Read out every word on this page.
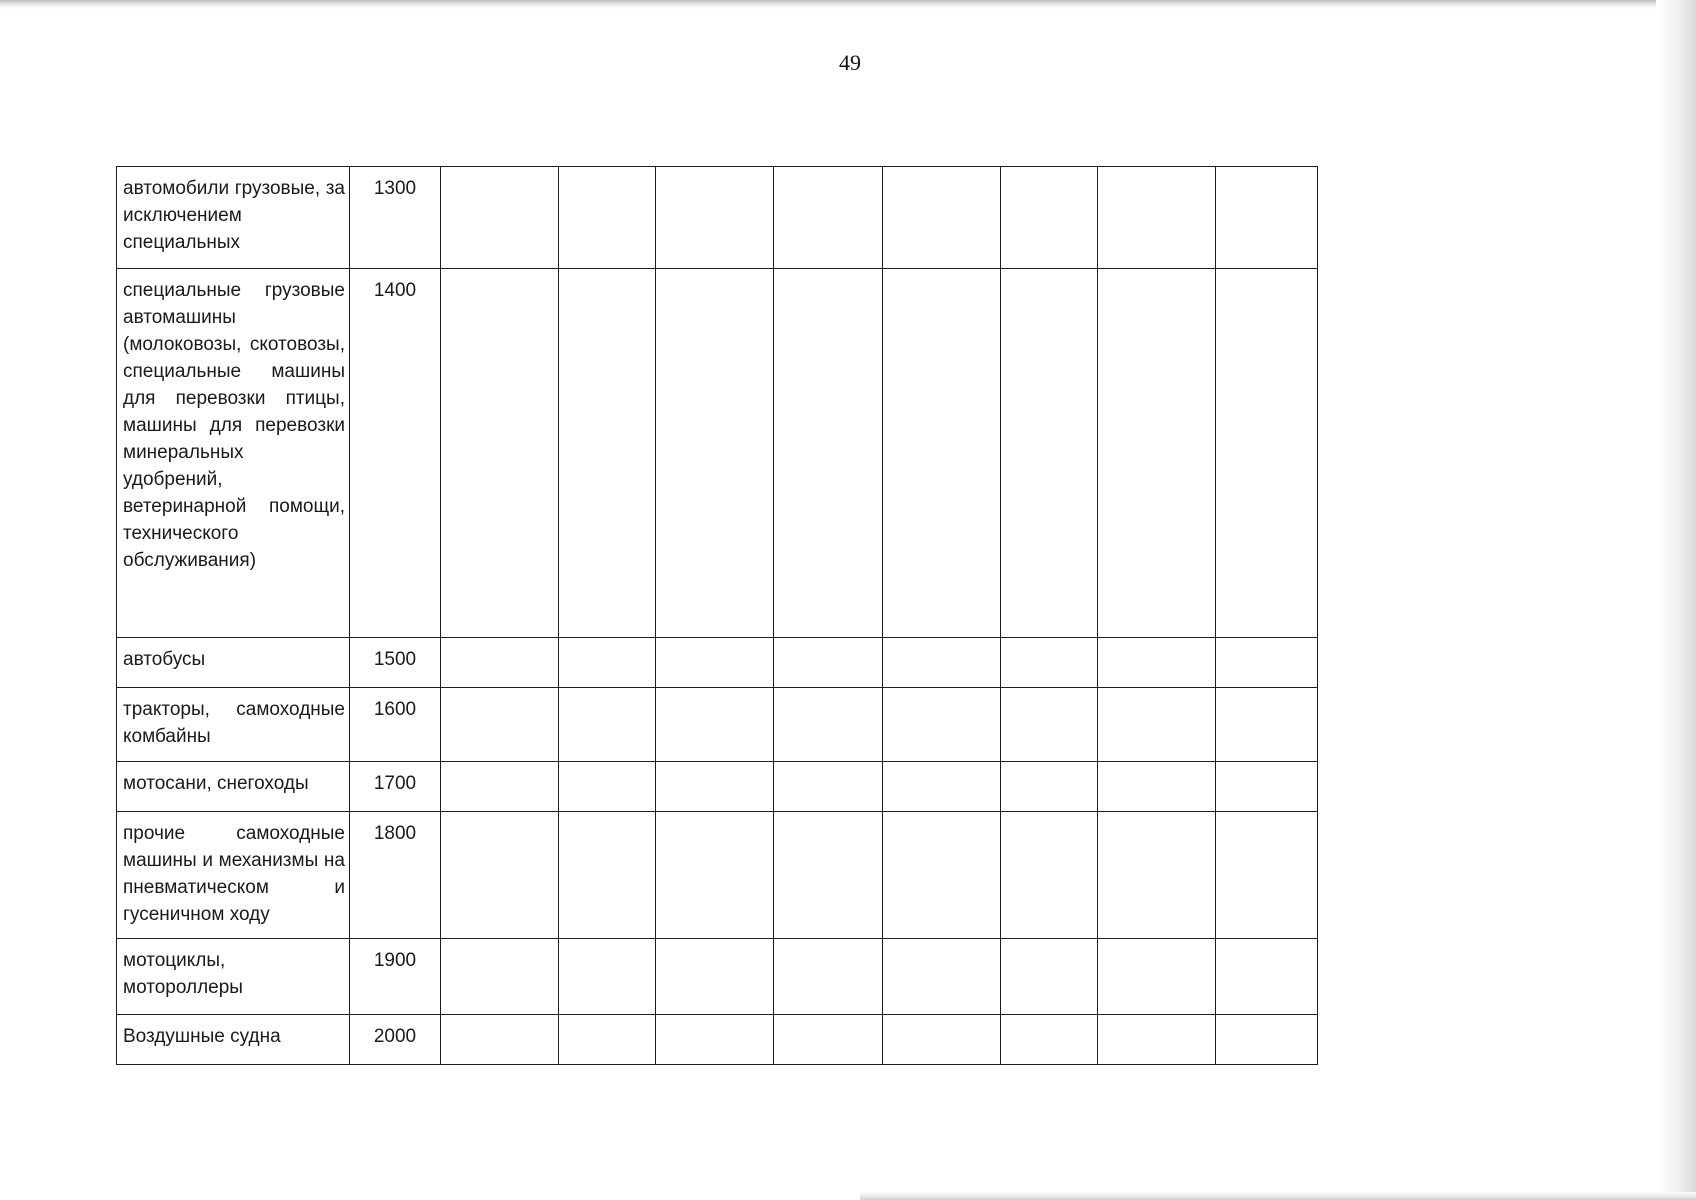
49
автомобили грузовые, за исключением специальных	1300								
специальные грузовые автомашины (молоковозы, скотовозы, специальные машины для перевозки птицы, машины для перевозки минеральных удобрений, ветеринарной помощи, технического обслуживания)	1400								
автобусы	1500								
тракторы, самоходные комбайны	1600								
мотосани, снегоходы	1700								
прочие самоходные машины и механизмы на пневматическом и гусеничном ходу	1800								
мотоциклы, мотороллеры	1900								
Воздушные судна	2000								
